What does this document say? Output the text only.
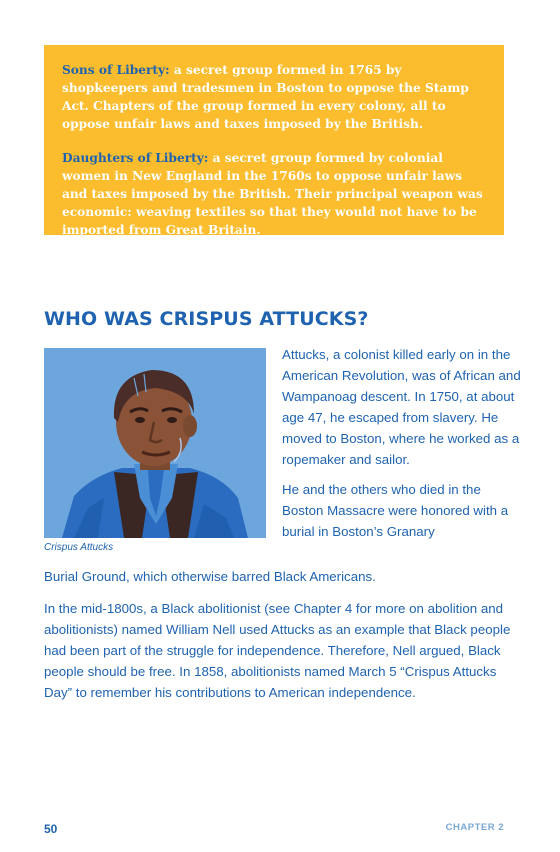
Sons of Liberty: a secret group formed in 1765 by shopkeepers and tradesmen in Boston to oppose the Stamp Act. Chapters of the group formed in every colony, all to oppose unfair laws and taxes imposed by the British.

Daughters of Liberty: a secret group formed by colonial women in New England in the 1760s to oppose unfair laws and taxes imposed by the British. Their principal weapon was economic: weaving textiles so that they would not have to be imported from Great Britain.

WHO WAS CRISPUS ATTUCKS?
Crispus Attucks

Attucks, a colonist killed early on in the American Revolution, was of African and Wampanoag descent. In 1750, at about age 47, he escaped from slavery. He moved to Boston, where he worked as a ropemaker and sailor.

He and the others who died in the Boston Massacre were honored with a burial in Boston’s Granary

Burial Ground, which otherwise barred Black Americans.

In the mid-1800s, a Black abolitionist (see Chapter 4 for more on abolition and abolitionists) named William Nell used Attucks as an example that Black people had been part of the struggle for independence. Therefore, Nell argued, Black people should be free. In 1858, abolitionists named March 5 “Crispus Attucks Day” to remember his contributions to American independence.

50	CHAPTER 2
